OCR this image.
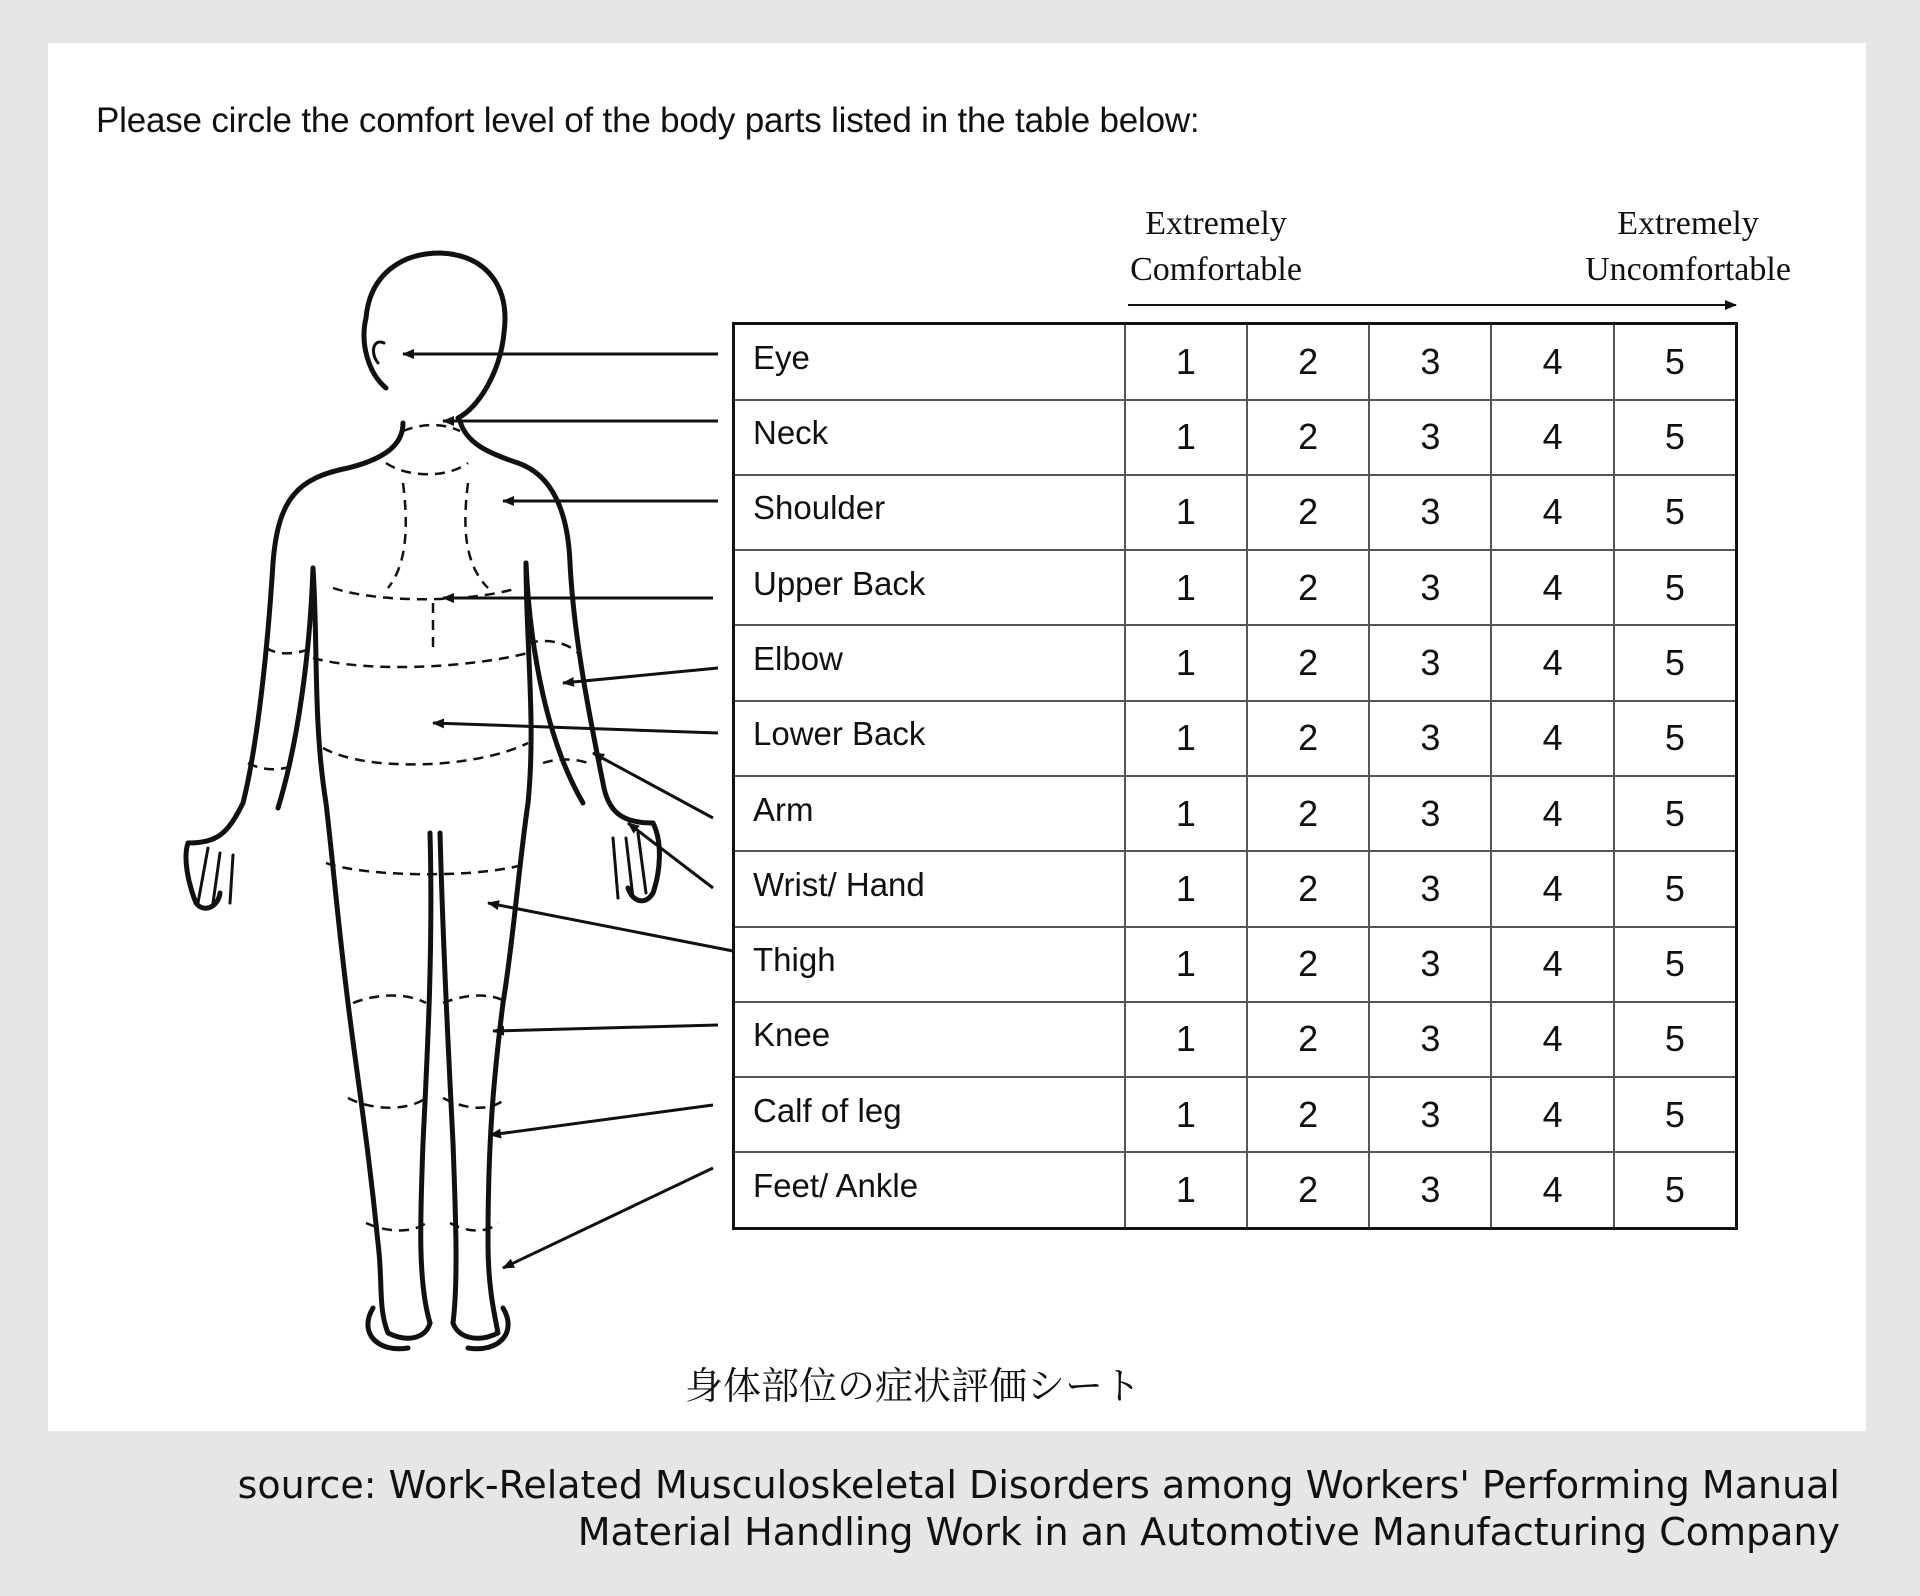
Please circle the comfort level of the body parts listed in the table below:
Extremely
Comfortable
Extremely
Uncomfortable
Eye	1	2	3	4	5
Neck	1	2	3	4	5
Shoulder	1	2	3	4	5
Upper Back	1	2	3	4	5
Elbow	1	2	3	4	5
Lower Back	1	2	3	4	5
Arm	1	2	3	4	5
Wrist/ Hand	1	2	3	4	5
Thigh	1	2	3	4	5
Knee	1	2	3	4	5
Calf of leg	1	2	3	4	5
Feet/ Ankle	1	2	3	4	5
身体部位の症状評価シート
source: Work-Related Musculoskeletal Disorders among Workers' Performing Manual
Material Handling Work in an Automotive Manufacturing Company
